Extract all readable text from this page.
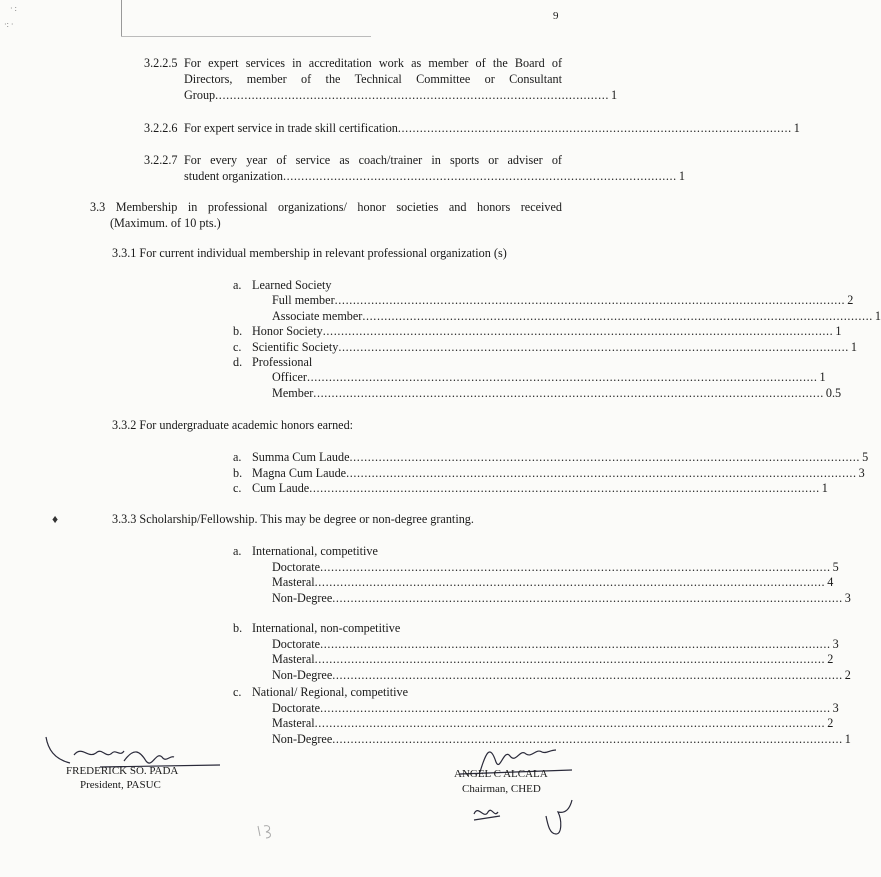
· :
·: ·
♦
9
3.2.2.5 For expert services in accreditation work as member of the Board of
Directors, member of the Technical Committee or Consultant
Group ............................................................................................................ 1
3.2.2.6 For expert service in trade skill certification ............................................................................................................ 1
3.2.2.7 For every year of service as coach/trainer in sports or adviser of
student organization ............................................................................................................ 1
3.3 Membership in professional organizations/ honor societies and honors received
(Maximum. of 10 pts.)
3.3.1 For current individual membership in relevant professional organization (s)
a. Learned Society
Full member ............................................................................................................................................ 2
Associate member ............................................................................................................................................ 1
b. Honor Society ............................................................................................................................................ 1
c. Scientific Society ............................................................................................................................................ 1
d. Professional
Officer ............................................................................................................................................ 1
Member ............................................................................................................................................ 0.5
3.3.2 For undergraduate academic honors earned:
a. Summa Cum Laude ............................................................................................................................................ 5
b. Magna Cum Laude ............................................................................................................................................ 3
c. Cum Laude ............................................................................................................................................ 1
3.3.3 Scholarship/Fellowship. This may be degree or non-degree granting.
a. International, competitive
Doctorate ............................................................................................................................................ 5
Masteral ............................................................................................................................................ 4
Non-Degree ............................................................................................................................................ 3
b. International, non-competitive
Doctorate ............................................................................................................................................ 3
Masteral ............................................................................................................................................ 2
Non-Degree ............................................................................................................................................ 2
c. National/ Regional, competitive
Doctorate ............................................................................................................................................ 3
Masteral ............................................................................................................................................ 2
Non-Degree ............................................................................................................................................ 1
FREDERICK SO. PADA
President, PASUC
ANGEL C ALCALA
Chairman, CHED
